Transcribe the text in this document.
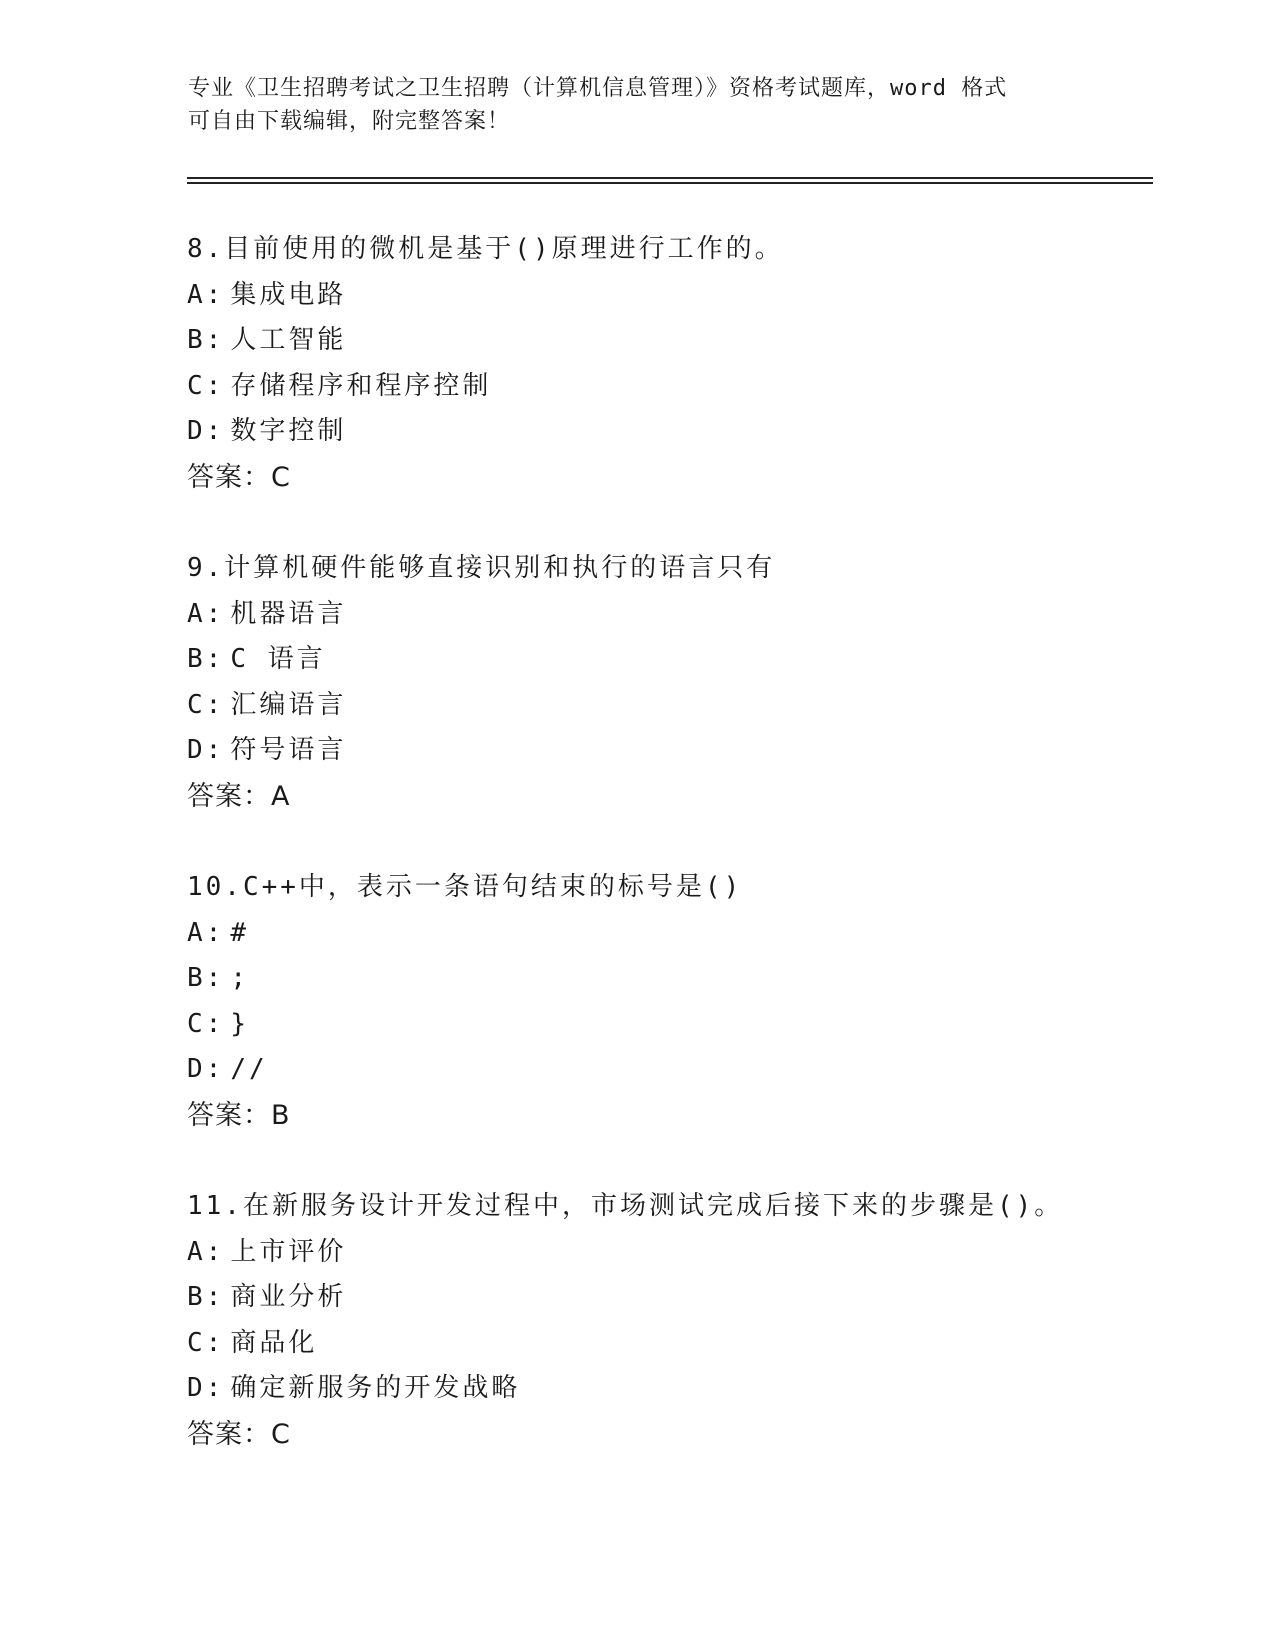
专业《卫生招聘考试之卫生招聘（计算机信息管理）》资格考试题库，word 格式
可自由下载编辑，附完整答案！
8.目前使用的微机是基于()原理进行工作的。
A: 集成电路
B: 人工智能
C: 存储程序和程序控制
D: 数字控制
答案：C
9.计算机硬件能够直接识别和执行的语言只有
A: 机器语言
B: C 语言
C: 汇编语言
D: 符号语言
答案：A
10.C++中，表示一条语句结束的标号是()
A: #
B: ;
C: }
D: //
答案：B
11.在新服务设计开发过程中，市场测试完成后接下来的步骤是()。
A: 上市评价
B: 商业分析
C: 商品化
D: 确定新服务的开发战略
答案：C
